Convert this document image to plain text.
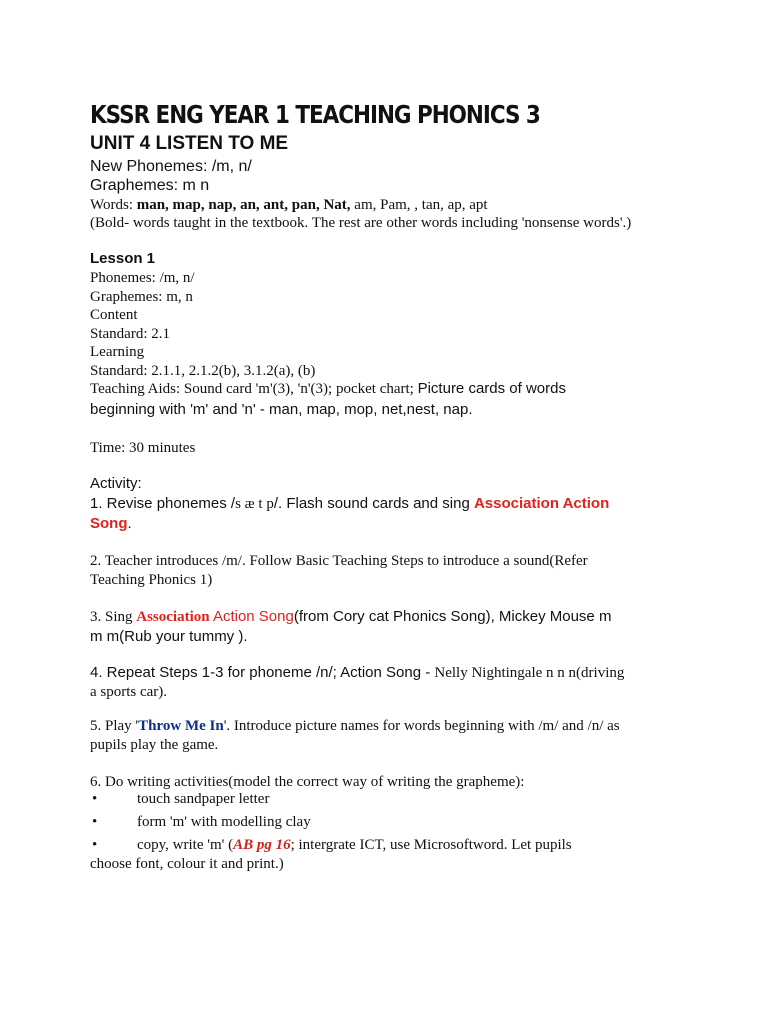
KSSR ENG YEAR 1 TEACHING PHONICS 3
UNIT 4 LISTEN TO ME
New Phonemes: /m, n/
Graphemes: m n
Words: man, map, nap, an, ant, pan, Nat, am, Pam, , tan, ap, apt
(Bold- words taught in the textbook. The rest are other words including 'nonsense words'.)
Lesson 1
Phonemes: /m, n/
Graphemes: m, n
Content
Standard: 2.1
Learning
Standard: 2.1.1, 2.1.2(b), 3.1.2(a), (b)
Teaching Aids: Sound card 'm'(3), 'n'(3); pocket chart; Picture cards of words
beginning with 'm' and 'n' - man, map, mop, net,nest, nap.
Time: 30 minutes
Activity:
1. Revise phonemes /s æ t p/. Flash sound cards and sing Association Action
Song.
2. Teacher introduces /m/. Follow Basic Teaching Steps to introduce a sound(Refer
Teaching Phonics 1)
3. Sing Association Action Song(from Cory cat Phonics Song), Mickey Mouse m
m m(Rub your tummy ).
4. Repeat Steps 1-3 for phoneme /n/; Action Song - Nelly Nightingale n n n(driving
a sports car).
5. Play 'Throw Me In'. Introduce picture names for words beginning with /m/ and /n/ as
pupils play the game.
6. Do writing activities(model the correct way of writing the grapheme):
•	touch sandpaper letter
•	form 'm' with modelling clay
•	copy, write 'm' (AB pg 16; intergrate ICT, use Microsoftword. Let pupils
choose font, colour it and print.)
